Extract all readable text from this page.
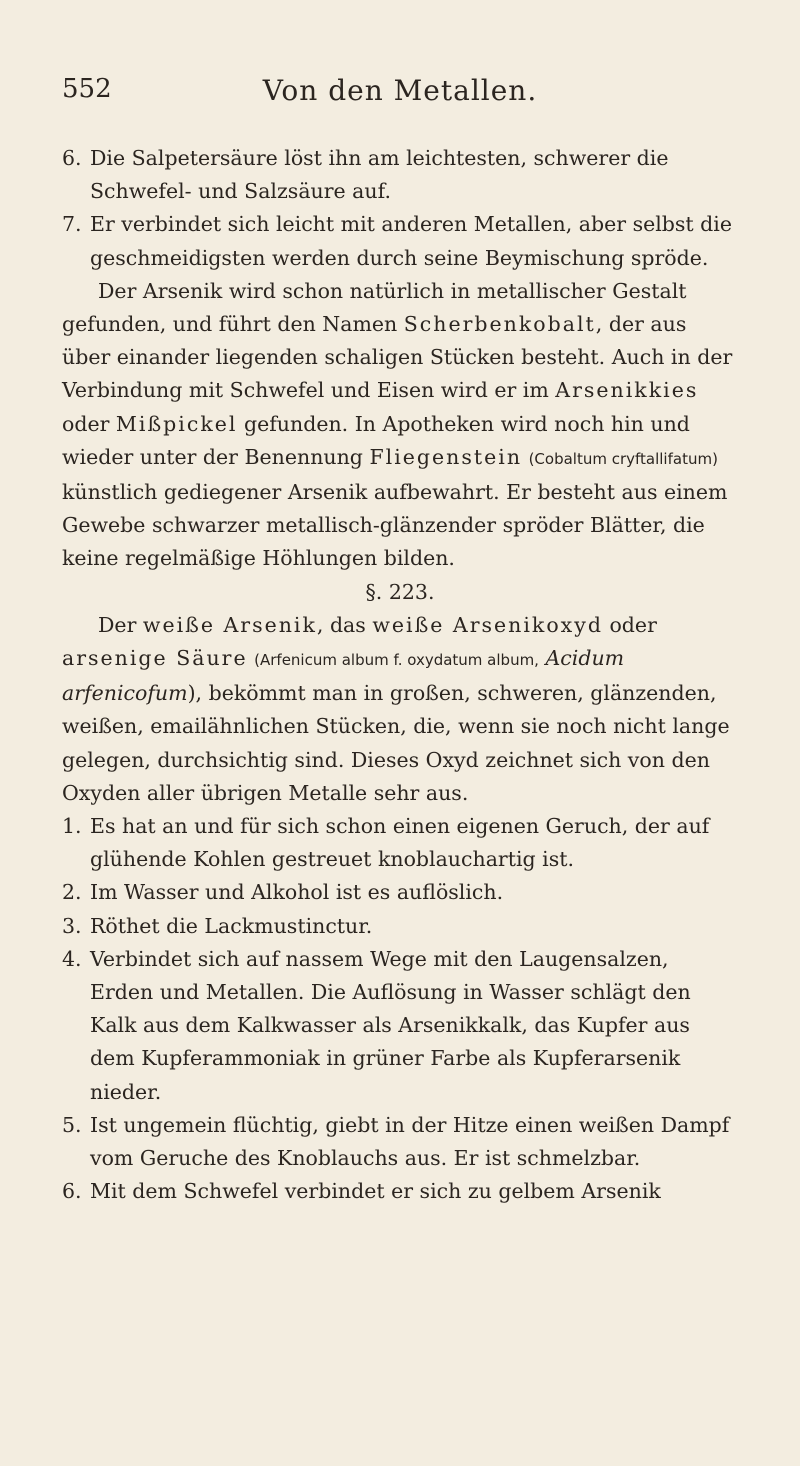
552	Von den Metallen.
6. Die Salpetersäure löst ihn am leichtesten, schwerer die Schwefel- und Salzsäure auf.
7. Er verbindet sich leicht mit anderen Metallen, aber selbst die geschmeidigsten werden durch seine Beymischung spröde.
Der Arsenik wird schon natürlich in metallischer Gestalt gefunden, und führt den Namen Scherbenkobalt, der aus über einander liegenden schaligen Stücken besteht. Auch in der Verbindung mit Schwefel und Eisen wird er im Arsenikkies oder Mißpickel gefunden. In Apotheken wird noch hin und wieder unter der Benennung Fliegenstein (Cobaltum cryftallifatum) künstlich gediegener Arsenik aufbewahrt. Er besteht aus einem Gewebe schwarzer metallisch-glänzender spröder Blätter, die keine regelmäßige Höhlungen bilden.
§. 223.
Der weiße Arsenik, das weiße Arsenikoxyd oder arsenige Säure (Arfenicum album f. oxydatum album, Acidum arfenicofum), bekömmt man in großen, schweren, glänzenden, weißen, emailähnlichen Stücken, die, wenn sie noch nicht lange gelegen, durchsichtig sind. Dieses Oxyd zeichnet sich von den Oxyden aller übrigen Metalle sehr aus.
1. Es hat an und für sich schon einen eigenen Geruch, der auf glühende Kohlen gestreuet knoblauchartig ist.
2. Im Wasser und Alkohol ist es auflöslich.
3. Röthet die Lackmustinctur.
4. Verbindet sich auf nassem Wege mit den Laugensalzen, Erden und Metallen. Die Auflösung in Wasser schlägt den Kalk aus dem Kalkwasser als Arsenikkalk, das Kupfer aus dem Kupferammoniak in grüner Farbe als Kupferarsenik nieder.
5. Ist ungemein flüchtig, giebt in der Hitze einen weißen Dampf vom Geruche des Knoblauchs aus. Er ist schmelzbar.
6. Mit dem Schwefel verbindet er sich zu gelbem Arsenik
